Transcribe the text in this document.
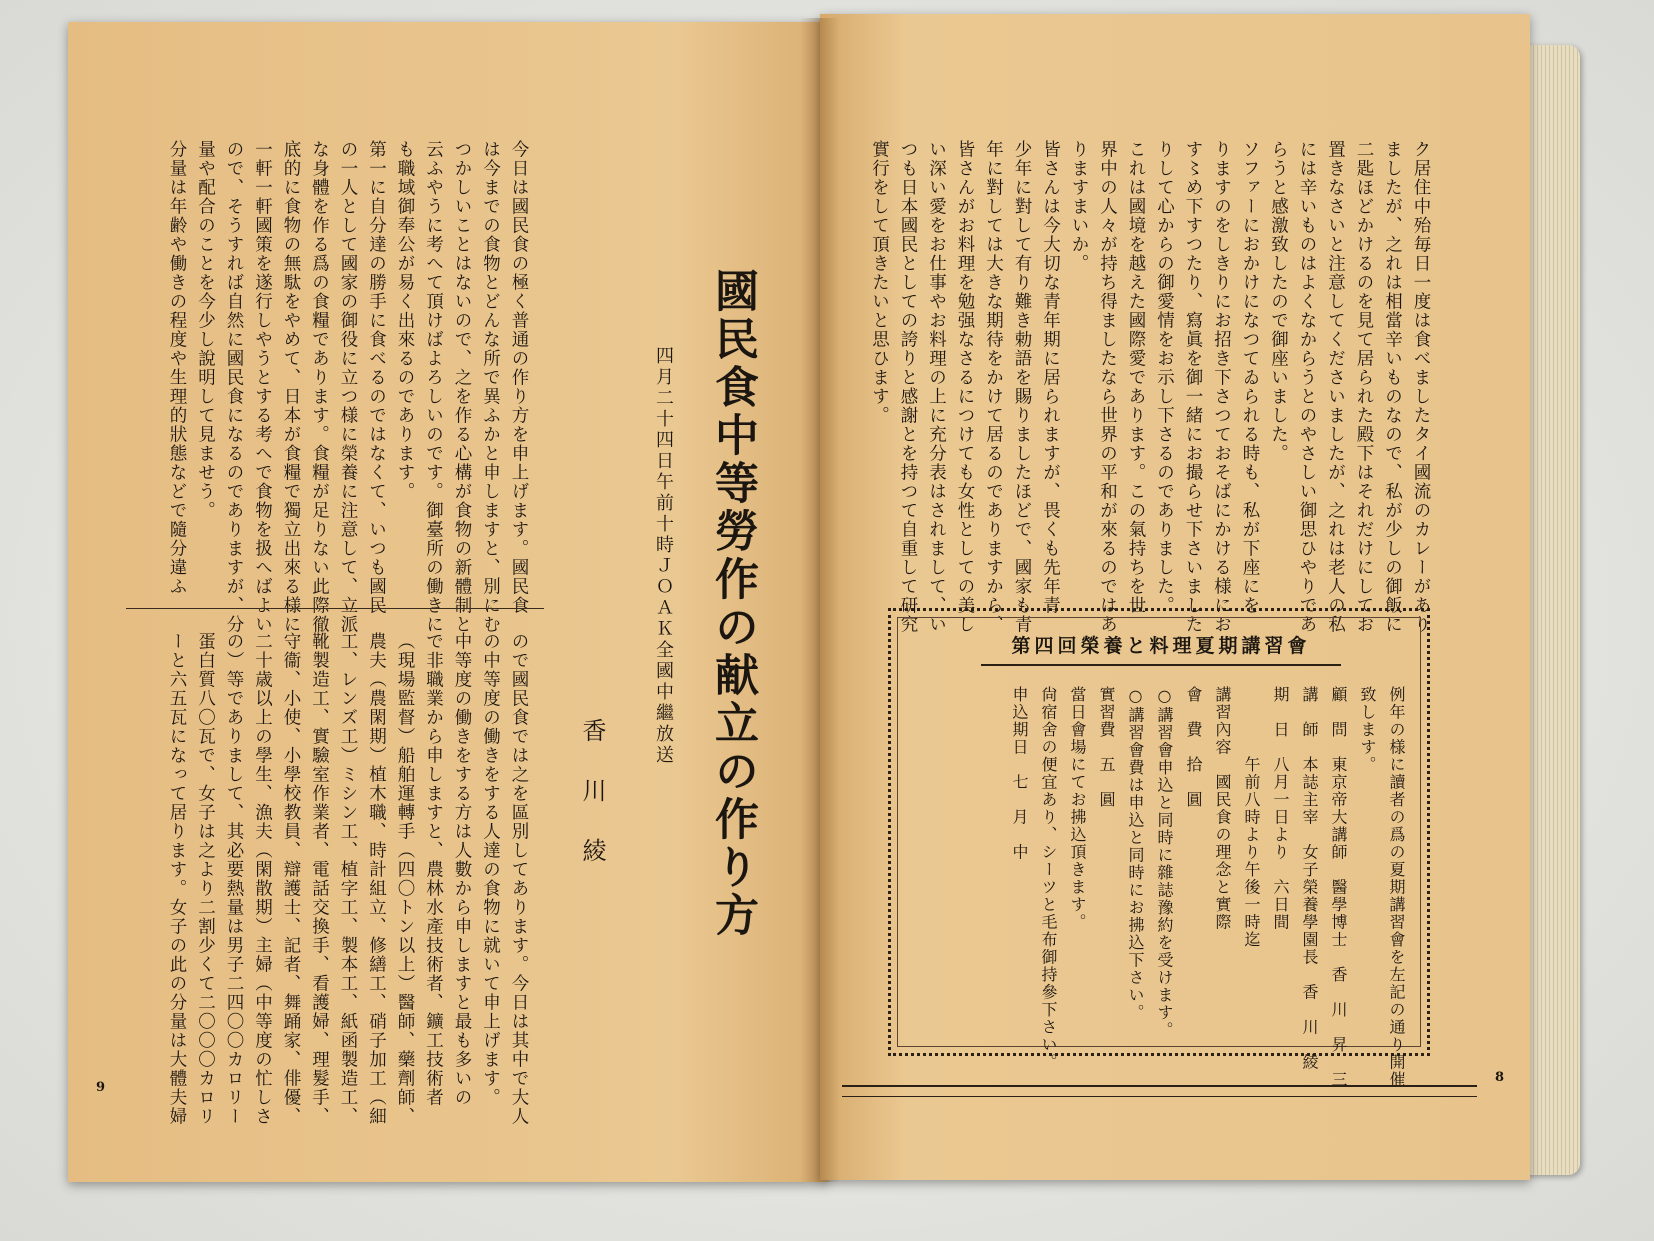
今日は國民食の極く普通の作り方を申上げます。國民食
は今までの食物とどんな所で異ふかと申しますと、別にむ
つかしいことはないので、之を作る心構が食物の新體制と
云ふやうに考へて頂けばよろしいのです。御臺所の働きに
も職域御奉公が易く出來るのであります。
第一に自分達の勝手に食べるのではなくて、いつも國民
の一人として國家の御役に立つ様に榮養に注意して、立派
な身體を作る爲の食糧であります。食糧が足りない此際徹
底的に食物の無駄をやめて、日本が食糧で獨立出來る様に
一軒一軒國策を遂行しやうとする考へで食物を扱へばよい
ので、そうすれば自然に國民食になるのでありますが、分
量や配合のことを今少し說明して見ませう。
分量は年齢や働きの程度や生理的狀態などで隨分違ふ
ので國民食では之を區別してあります。今日は其中で大人
の中等度の働きをする人達の食物に就いて申上げます。
中等度の働きをする方は人數から申しますと最も多いの
で非職業から申しますと、農林水產技術者、鑛工技術者
（現場監督）船舶運轉手（四〇トン以上）醫師、藥劑師、
農夫（農閑期）植木職、時計組立、修繕工、硝子加工（細
工、レンズ工）ミシン工、植字工、製本工、紙函製造工、
靴製造工、實驗室作業者、電話交換手、看護婦、理髮手、
守衞、小使、小學校教員、辯護士、記者、舞踊家、俳優、
二十歳以上の學生、漁夫（閑散期）主婦（中等度の忙しさ
の）等でありまして、其必要熱量は男子二四〇〇カロリー
蛋白質八〇瓦で、女子は之より二割少くて二〇〇〇カロリ
ーと六五瓦になって居ります。女子の此の分量は大體夫婦	國民食中等勞作の献立の作り方
四月二十四日午前十時ＪＯＡＫ全國中繼放送
香川綾
9
ク居住中殆毎日一度は食べましたタイ國流のカレーがあり
ましたが、之れは相當辛いものなので、私が少しの御飯に
二匙ほどかけるのを見て居られた殿下はそれだけにしてお
置きなさいと注意してくださいましたが、之れは老人の私
には辛いものはよくなからうとのやさしい御思ひやりであ
らうと感激致したので御座いました。
ソファーにおかけになつてゐられる時も、私が下座にを
りますのをしきりにお招き下さつておそばにかける様にお
す〻め下すつたり、寫眞を御一緒にお撮らせ下さいました
りして心からの御愛情をお示し下さるのでありました。
これは國境を越えた國際愛であります。この氣持ちを世
界中の人々が持ち得ましたなら世界の平和が來るのではあ
りますまいか。
皆さんは今大切な青年期に居られますが、畏くも先年青
少年に對して有り難き勅語を賜りましたほどで、國家も青
年に對しては大きな期待をかけて居るのでありますから、
皆さんがお料理を勉强なさるにつけても女性としての美し
い深い愛をお仕事やお料理の上に充分表はされまして、い
つも日本國民としての誇りと感謝とを持つて自重して研究
實行をして頂きたいと思ひます。
第四回榮養と料理夏期講習會
例年の様に讀者の爲の夏期講習會を左記の通り開催
致します。
顧　問　東京帝大講師　醫學博士　香　川　昇　三
講　師　本誌主宰　女子榮養學園長　香　川　綾
期　日　八月一日より　六日間
　　　　午前八時より午後一時迄
講習內容　國民食の理念と實際
會　費　拾　圓
○講習會申込と同時に雜誌豫約を受けます。
○講習會費は申込と同時にお拂込下さい。
實習費　五　圓
當日會場にてお拂込頂きます。
尙宿舍の便宜あり、シーツと毛布御持參下さい。
申込期日　七　月　中
8
